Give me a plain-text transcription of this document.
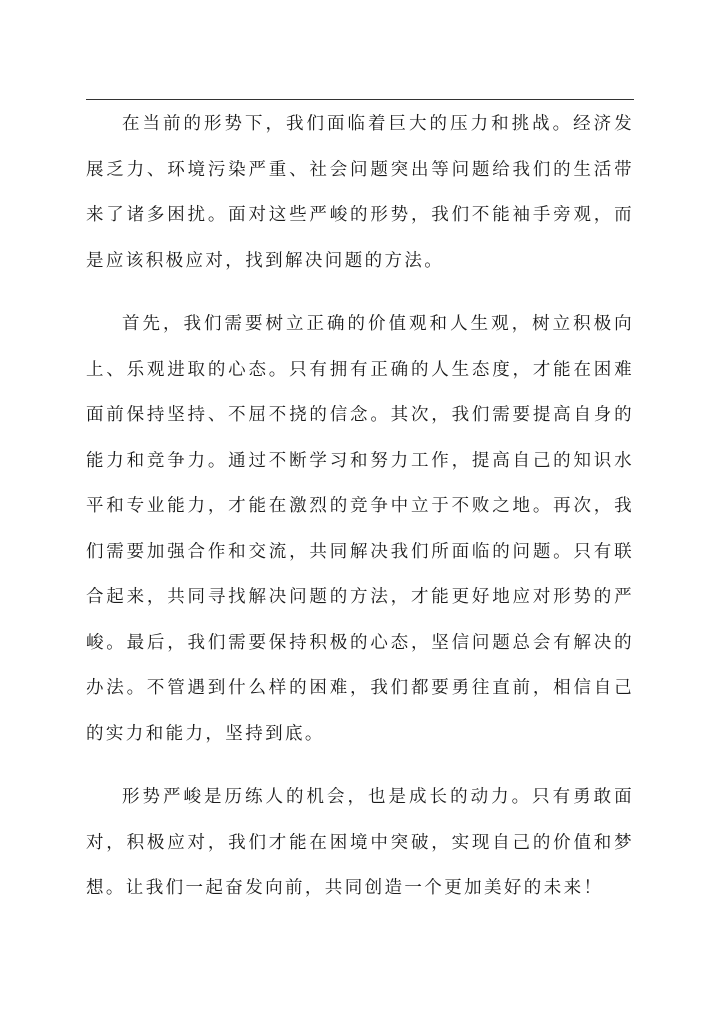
在当前的形势下，我们面临着巨大的压力和挑战。经济发展乏力、环境污染严重、社会问题突出等问题给我们的生活带来了诸多困扰。面对这些严峻的形势，我们不能袖手旁观，而是应该积极应对，找到解决问题的方法。

首先，我们需要树立正确的价值观和人生观，树立积极向上、乐观进取的心态。只有拥有正确的人生态度，才能在困难面前保持坚持、不屈不挠的信念。其次，我们需要提高自身的能力和竞争力。通过不断学习和努力工作，提高自己的知识水平和专业能力，才能在激烈的竞争中立于不败之地。再次，我们需要加强合作和交流，共同解决我们所面临的问题。只有联合起来，共同寻找解决问题的方法，才能更好地应对形势的严峻。最后，我们需要保持积极的心态，坚信问题总会有解决的办法。不管遇到什么样的困难，我们都要勇往直前，相信自己的实力和能力，坚持到底。

形势严峻是历练人的机会，也是成长的动力。只有勇敢面对，积极应对，我们才能在困境中突破，实现自己的价值和梦想。让我们一起奋发向前，共同创造一个更加美好的未来！
